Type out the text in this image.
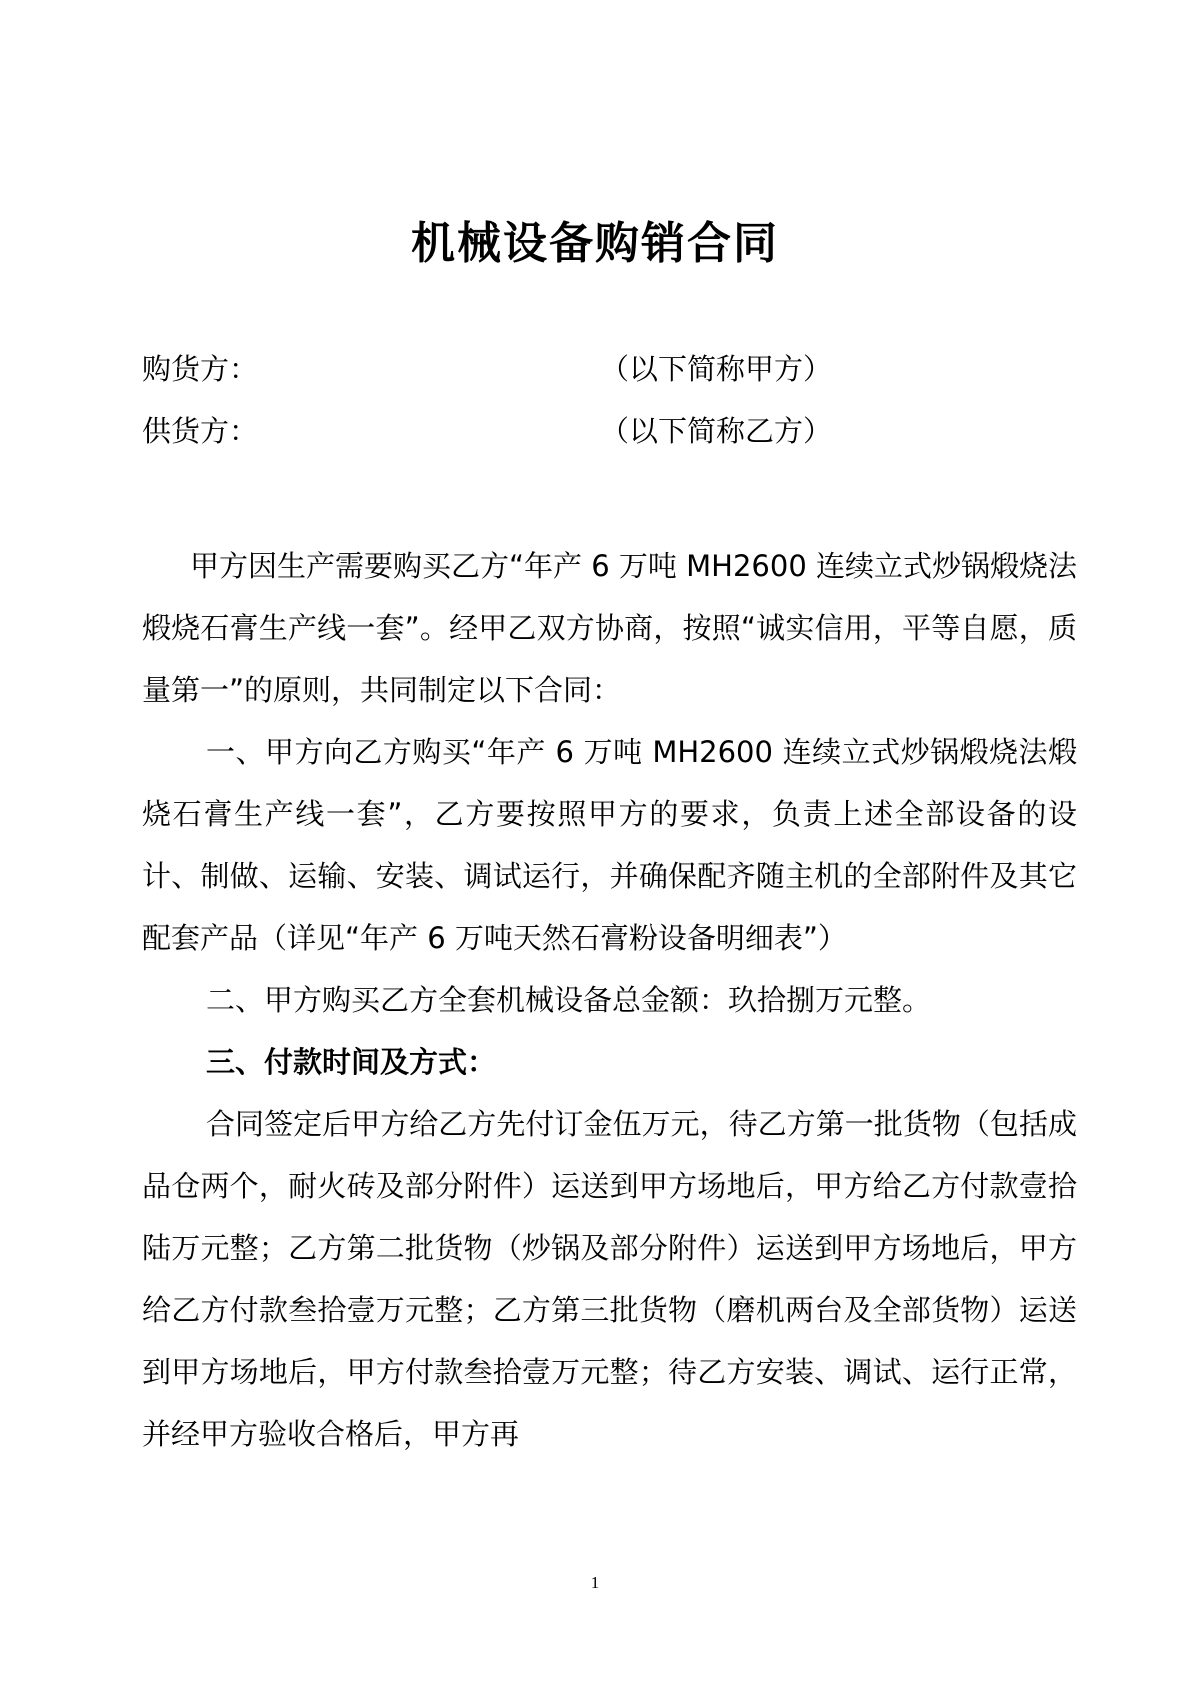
机械设备购销合同
购货方：	（以下简称甲方）
供货方：	（以下简称乙方）

甲方因生产需要购买乙方“年产 6 万吨 MH2600 连续立式炒锅煅烧法煅烧石膏生产线一套”。经甲乙双方协商，按照“诚实信用，平等自愿，质量第一”的原则，共同制定以下合同：

一、甲方向乙方购买“年产 6 万吨 MH2600 连续立式炒锅煅烧法煅烧石膏生产线一套”，乙方要按照甲方的要求，负责上述全部设备的设计、制做、运输、安装、调试运行，并确保配齐随主机的全部附件及其它配套产品（详见“年产 6 万吨天然石膏粉设备明细表”）

二、甲方购买乙方全套机械设备总金额：玖拾捌万元整。

三、付款时间及方式：

合同签定后甲方给乙方先付订金伍万元，待乙方第一批货物（包括成品仓两个，耐火砖及部分附件）运送到甲方场地后，甲方给乙方付款壹拾陆万元整；乙方第二批货物（炒锅及部分附件）运送到甲方场地后，甲方给乙方付款叁拾壹万元整；乙方第三批货物（磨机两台及全部货物）运送到甲方场地后，甲方付款叁拾壹万元整；待乙方安装、调试、运行正常，并经甲方验收合格后，甲方再

1
